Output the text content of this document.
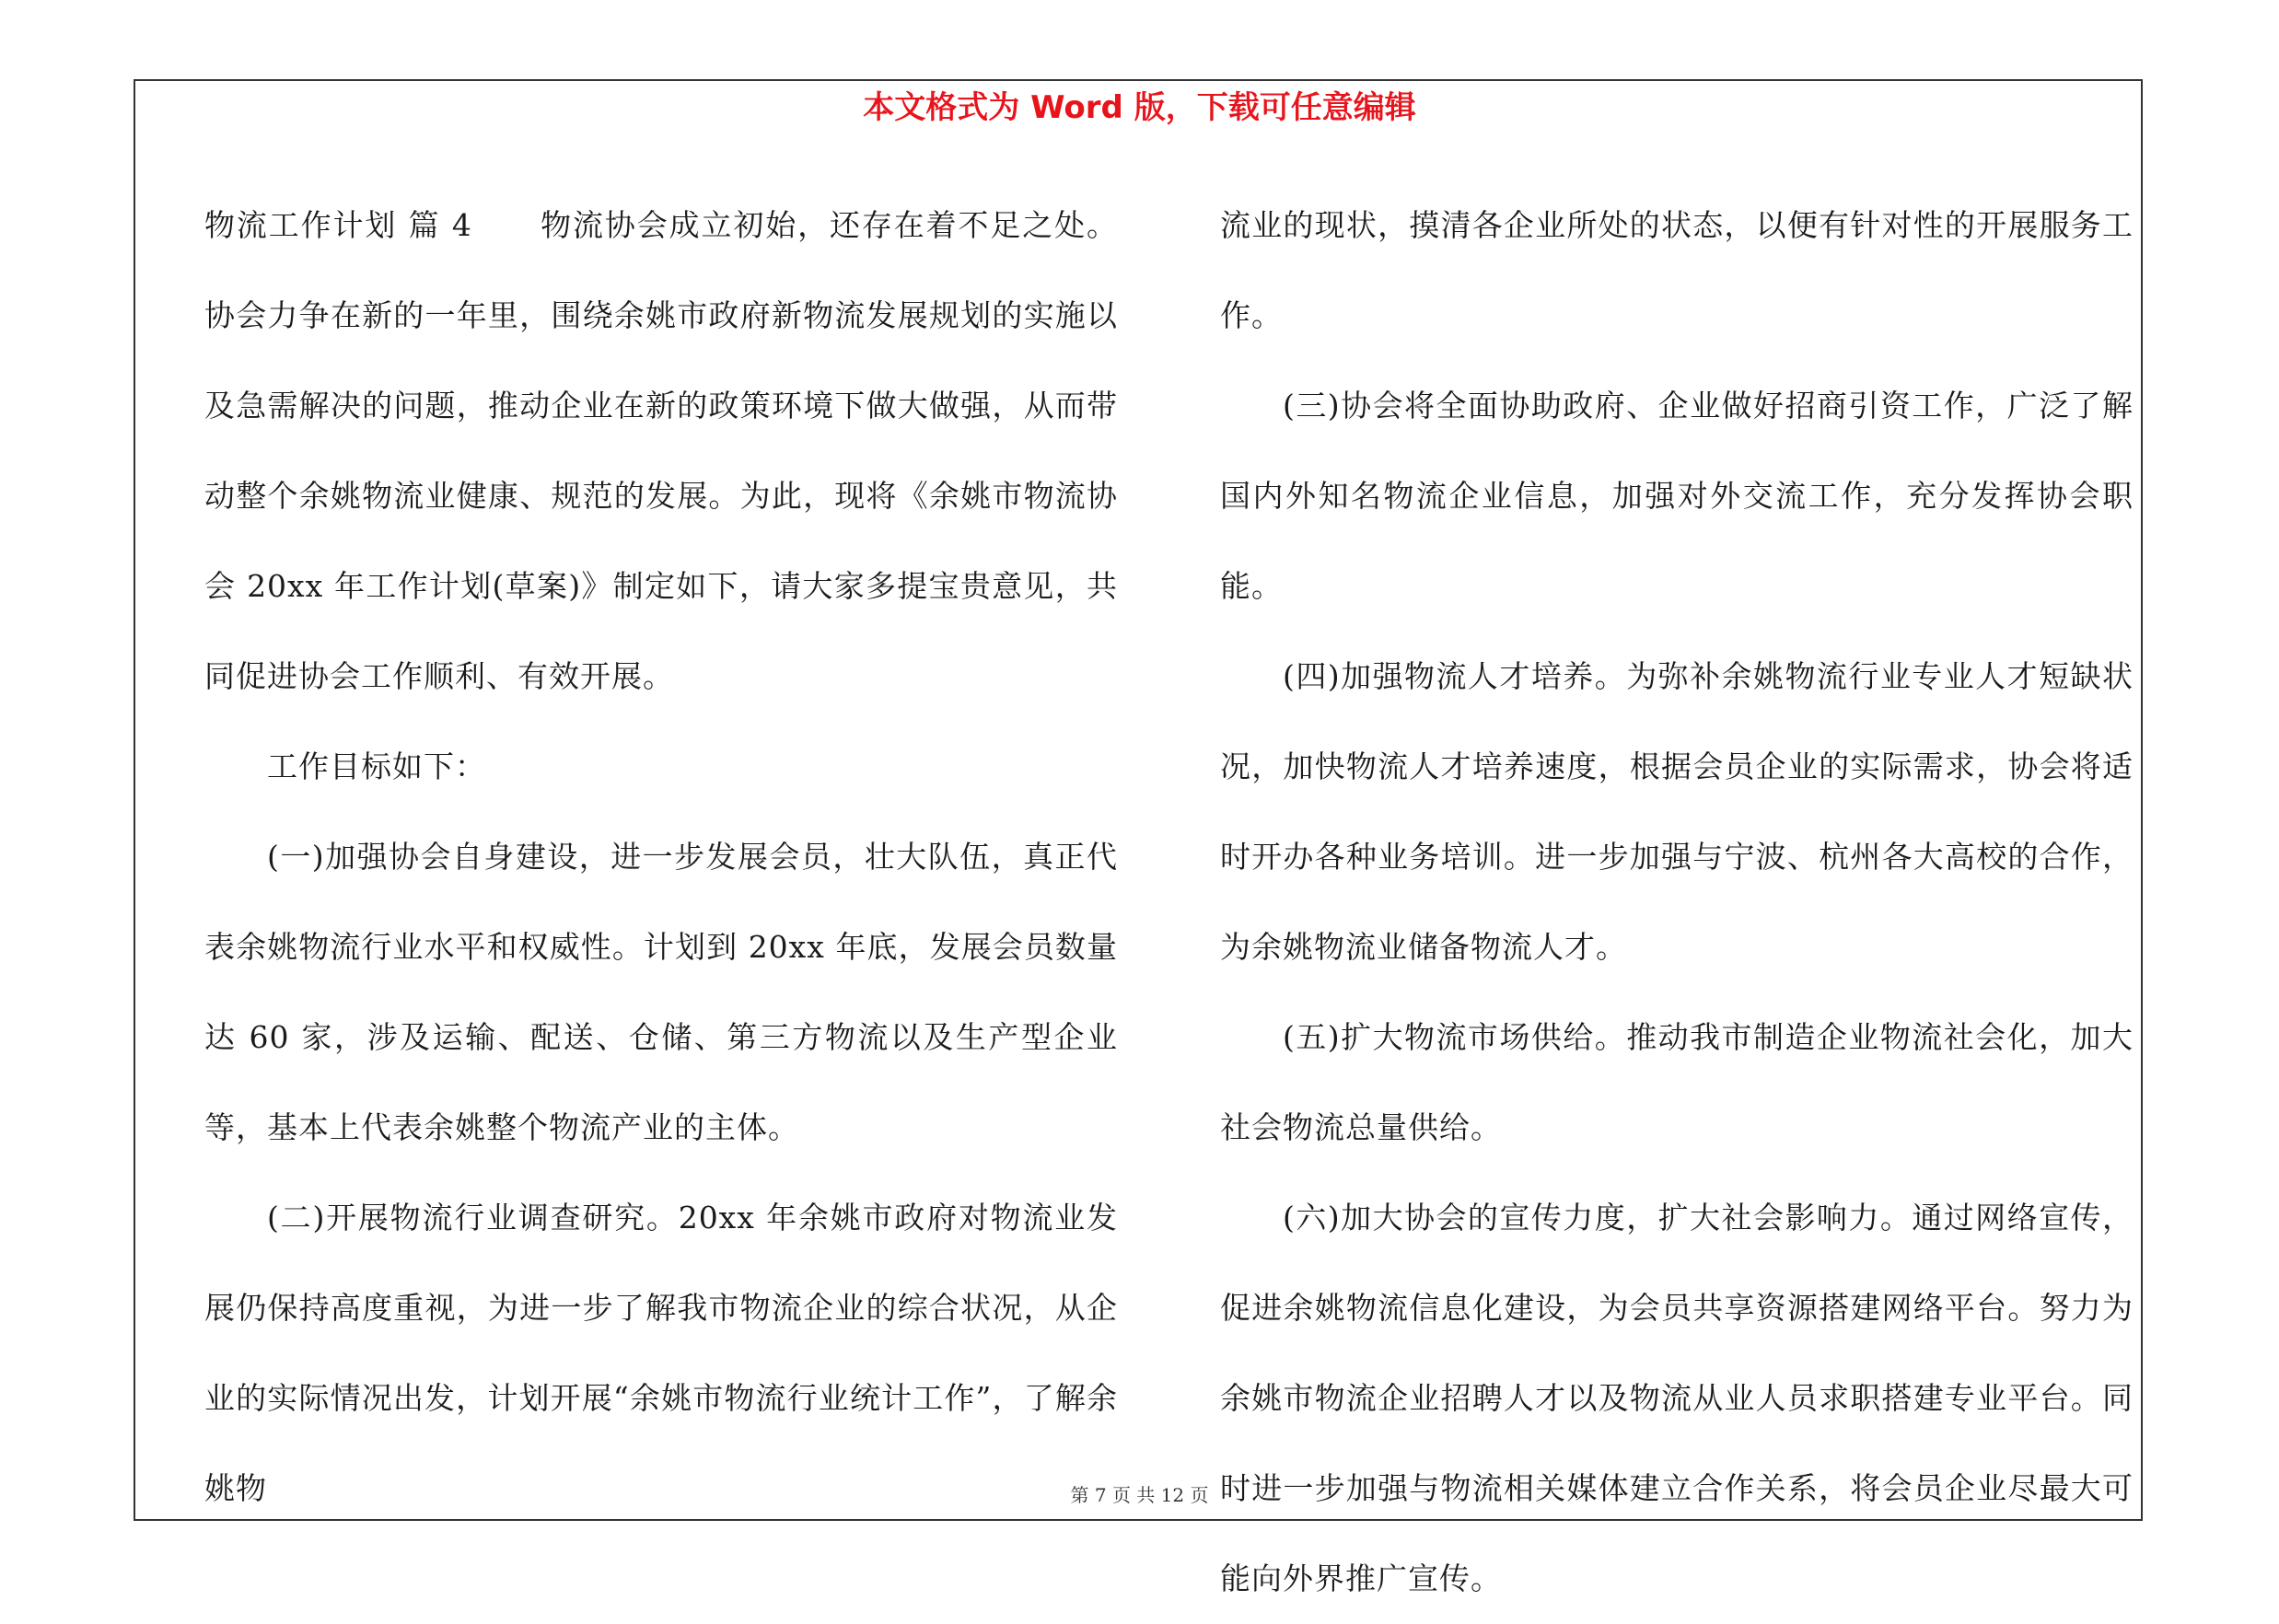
本文格式为 Word 版，下载可任意编辑

物流工作计划 篇 4 物流协会成立初始，还存在着不足之处。协会力争在新的一年里，围绕余姚市政府新物流发展规划的实施以及急需解决的问题，推动企业在新的政策环境下做大做强，从而带动整个余姚物流业健康、规范的发展。为此，现将《余姚市物流协会 20xx 年工作计划(草案)》制定如下，请大家多提宝贵意见，共同促进协会工作顺利、有效开展。

工作目标如下：

(一)加强协会自身建设，进一步发展会员，壮大队伍，真正代表余姚物流行业水平和权威性。计划到 20xx 年底，发展会员数量达 60 家，涉及运输、配送、仓储、第三方物流以及生产型企业等，基本上代表余姚整个物流产业的主体。

(二)开展物流行业调查研究。20xx 年余姚市政府对物流业发展仍保持高度重视，为进一步了解我市物流企业的综合状况，从企业的实际情况出发，计划开展“余姚市物流行业统计工作”，了解余姚物

流业的现状，摸清各企业所处的状态，以便有针对性的开展服务工作。

(三)协会将全面协助政府、企业做好招商引资工作，广泛了解国内外知名物流企业信息，加强对外交流工作，充分发挥协会职能。

(四)加强物流人才培养。为弥补余姚物流行业专业人才短缺状况，加快物流人才培养速度，根据会员企业的实际需求，协会将适时开办各种业务培训。进一步加强与宁波、杭州各大高校的合作，为余姚物流业储备物流人才。

(五)扩大物流市场供给。推动我市制造企业物流社会化，加大社会物流总量供给。

(六)加大协会的宣传力度，扩大社会影响力。通过网络宣传，促进余姚物流信息化建设，为会员共享资源搭建网络平台。努力为余姚市物流企业招聘人才以及物流从业人员求职搭建专业平台。同时进一步加强与物流相关媒体建立合作关系，将会员企业尽最大可能向外界推广宣传。

第 7 页 共 12 页
